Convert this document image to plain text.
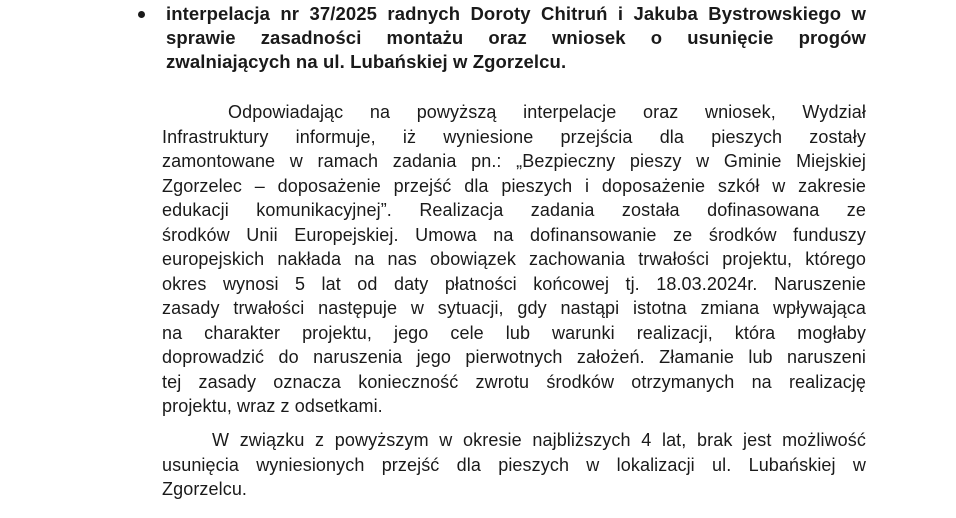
interpelacja nr 37/2025 radnych Doroty Chitruń i Jakuba Bystrowskiego w
sprawie zasadności montażu oraz wniosek o usunięcie progów
zwalniających na ul. Lubańskiej w Zgorzelcu.
Odpowiadając na powyższą interpelacje oraz wniosek, Wydział
Infrastruktury informuje, iż wyniesione przejścia dla pieszych zostały
zamontowane w ramach zadania pn.: „Bezpieczny pieszy w Gminie Miejskiej
Zgorzelec – doposażenie przejść dla pieszych i doposażenie szkół w zakresie
edukacji komunikacyjnej”. Realizacja zadania została dofinasowana ze
środków Unii Europejskiej. Umowa na dofinansowanie ze środków funduszy
europejskich nakłada na nas obowiązek zachowania trwałości projektu, którego
okres wynosi 5 lat od daty płatności końcowej tj. 18.03.2024r. Naruszenie
zasady trwałości następuje w sytuacji, gdy nastąpi istotna zmiana wpływająca
na charakter projektu, jego cele lub warunki realizacji, która mogłaby
doprowadzić do naruszenia jego pierwotnych założeń. Złamanie lub naruszeni
tej zasady oznacza konieczność zwrotu środków otrzymanych na realizację
projektu, wraz z odsetkami.
W związku z powyższym w okresie najbliższych 4 lat, brak jest możliwość
usunięcia wyniesionych przejść dla pieszych w lokalizacji ul. Lubańskiej w
Zgorzelcu.
